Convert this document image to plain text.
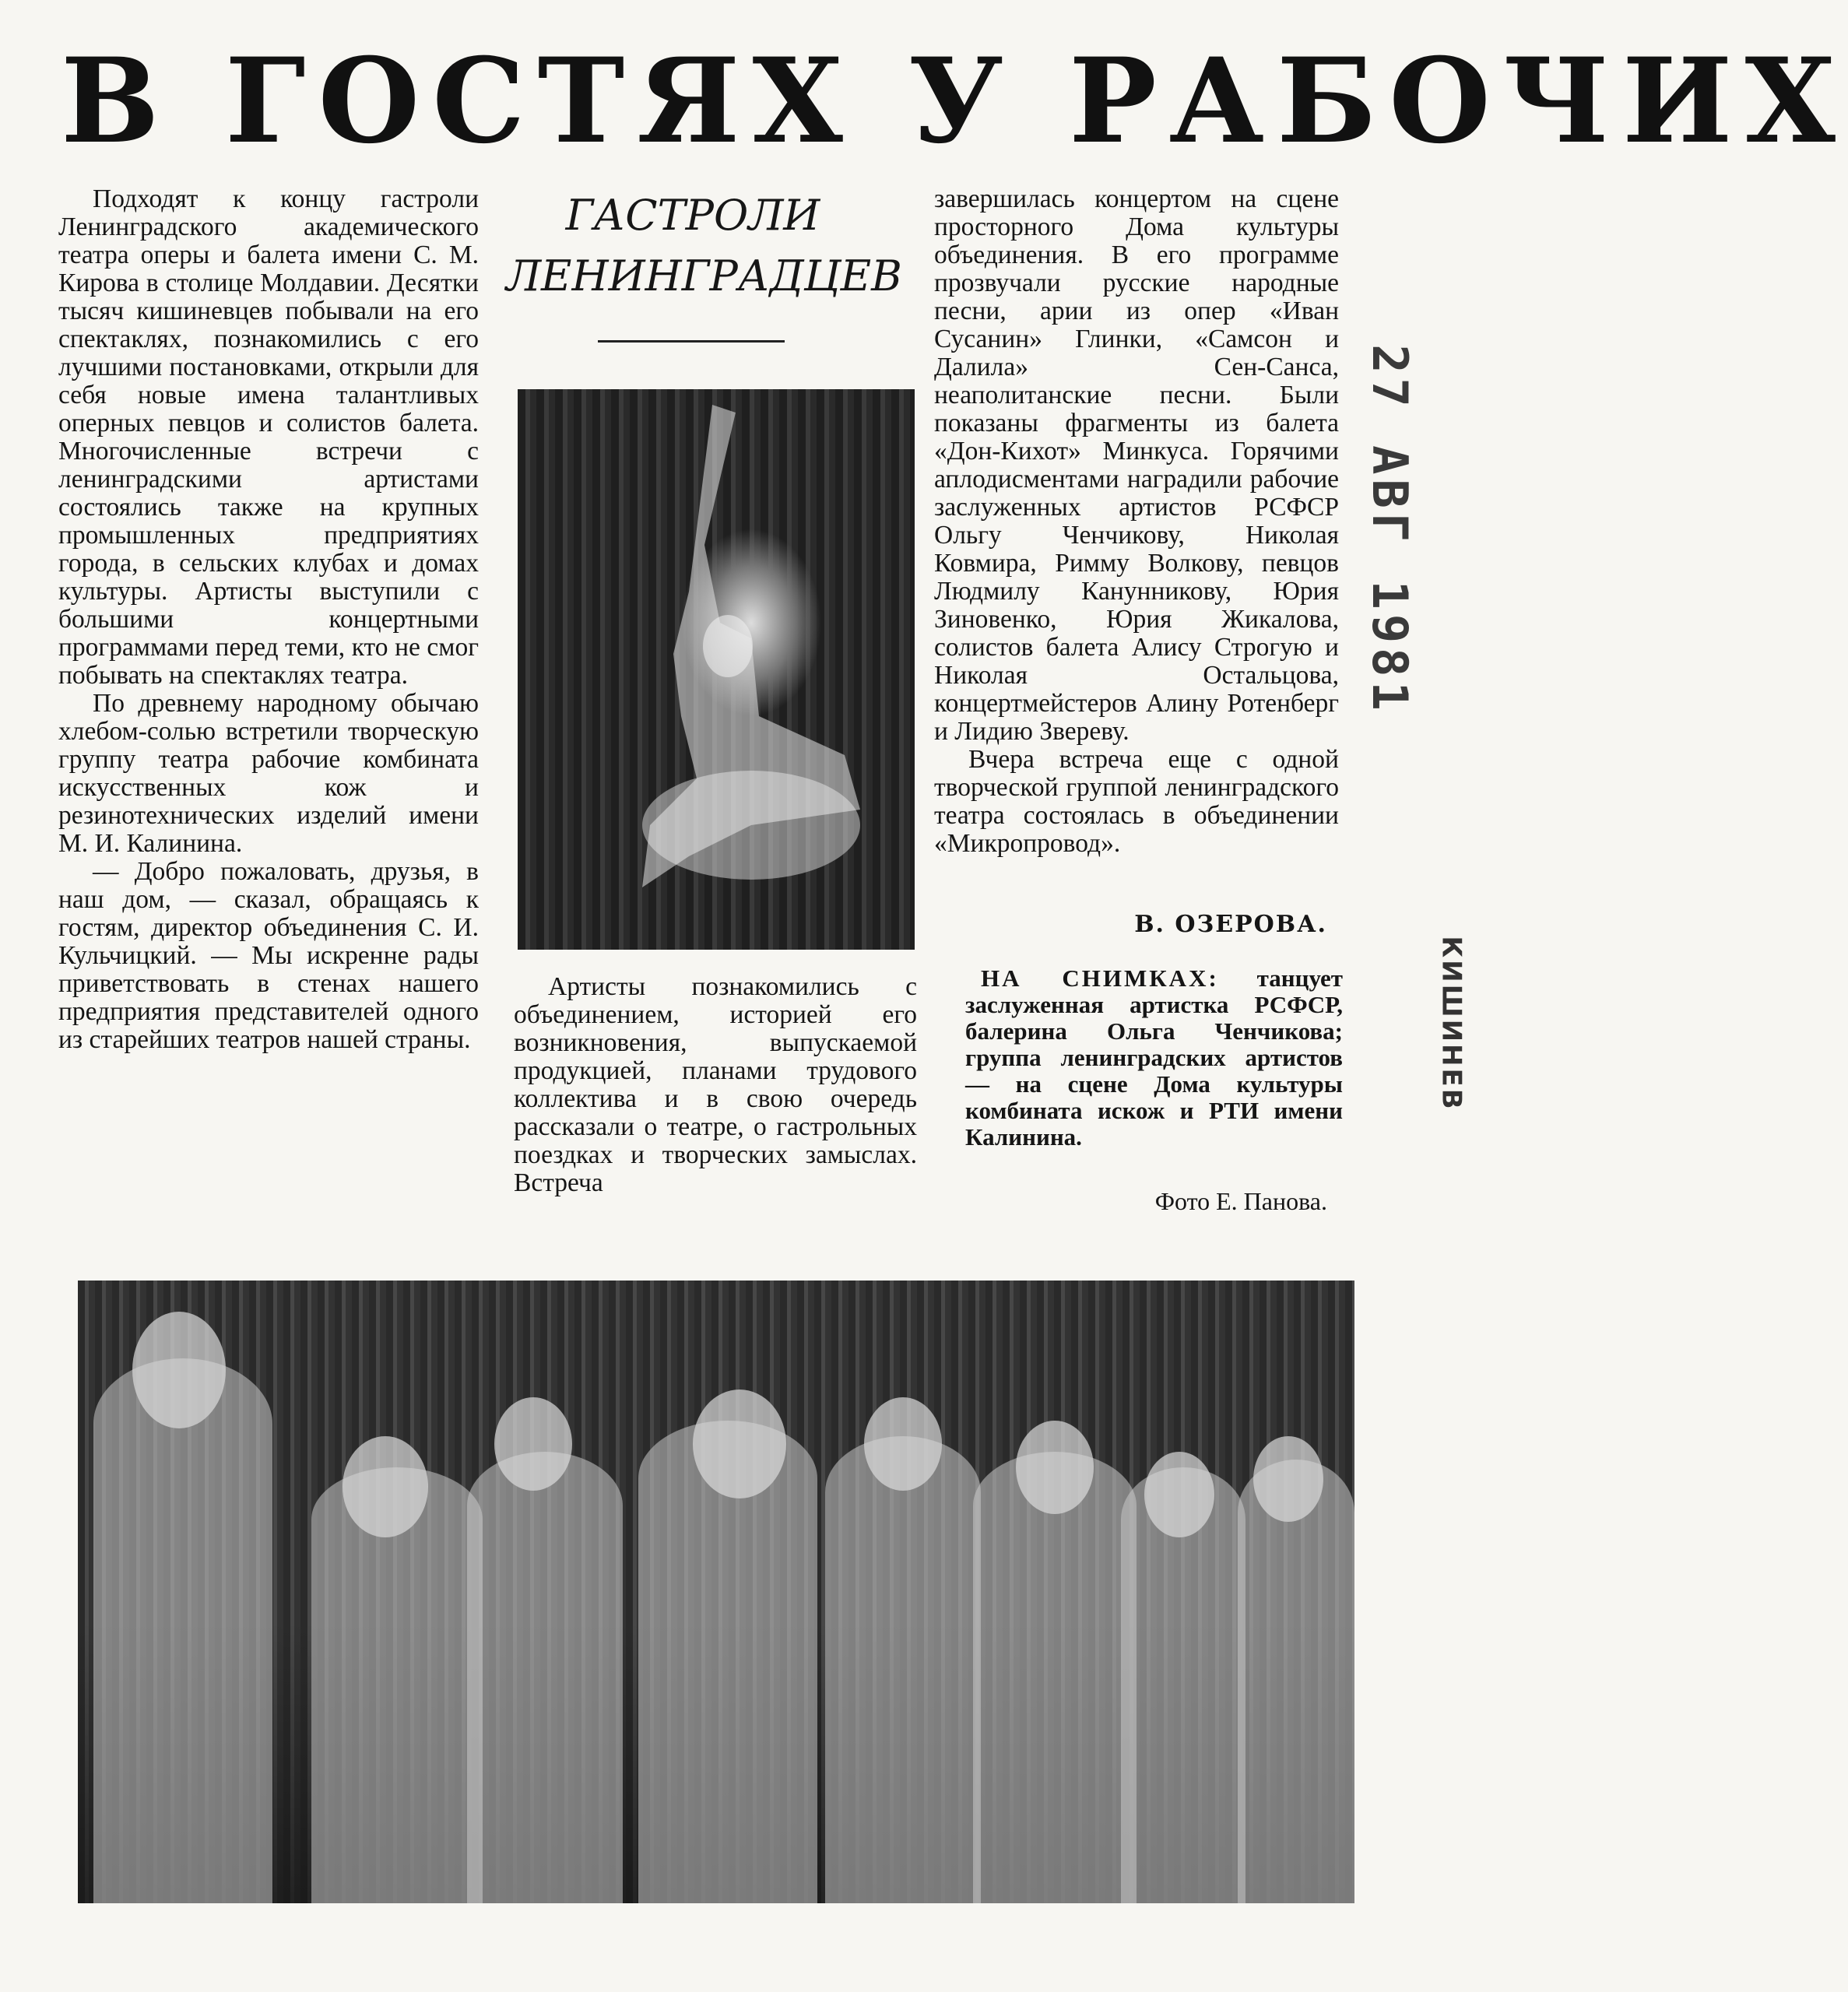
В ГОСТЯХ У РАБОЧИХ

Подходят к концу гастроли Ленинградского академического театра оперы и балета имени С. М. Кирова в столице Молдавии. Десятки тысяч кишиневцев побывали на его спектаклях, познакомились с его лучшими постановками, открыли для себя новые имена талантливых оперных певцов и солистов балета. Многочисленные встречи с ленинградскими артистами состоялись также на крупных промышленных предприятиях города, в сельских клубах и домах культуры. Артисты выступили с большими концертными программами перед теми, кто не смог побывать на спектаклях театра.

По древнему народному обычаю хлебом-солью встретили творческую группу театра рабочие комбината искусственных кож и резинотехнических изделий имени М. И. Калинина.

— Добро пожаловать, друзья, в наш дом, — сказал, обращаясь к гостям, директор объединения С. И. Кульчицкий. — Мы искренне рады приветствовать в стенах нашего предприятия представителей одного из старейших театров нашей страны.

ГАСТРОЛИ
ЛЕНИНГРАДЦЕВ

Артисты познакомились с объединением, историей его возникновения, выпускаемой продукцией, планами трудового коллектива и в свою очередь рассказали о театре, о гастрольных поездках и творческих замыслах. Встреча

завершилась концертом на сцене просторного Дома культуры объединения. В его программе прозвучали русские народные песни, арии из опер «Иван Сусанин» Глинки, «Самсон и Далила» Сен-Санса, неаполитанские песни. Были показаны фрагменты из балета «Дон-Кихот» Минкуса. Горячими аплодисментами наградили рабочие заслуженных артистов РСФСР Ольгу Ченчикову, Николая Ковмира, Римму Волкову, певцов Людмилу Канунникову, Юрия Зиновенко, Юрия Жикалова, солистов балета Алису Строгую и Николая Остальцова, концертмейстеров Алину Ротенберг и Лидию Звереву.

Вчера встреча еще с одной творческой группой ленинградского театра состоялась в объединении «Микропровод».

В. ОЗЕРОВА.
НА СНИМКАХ: танцует заслуженная артистка РСФСР, балерина Ольга Ченчикова; группа ленинградских артистов — на сцене Дома культуры комбината искож и РТИ имени Калинина.
Фото Е. Панова.
27 АВГ 1981
КИШИНЕВ
